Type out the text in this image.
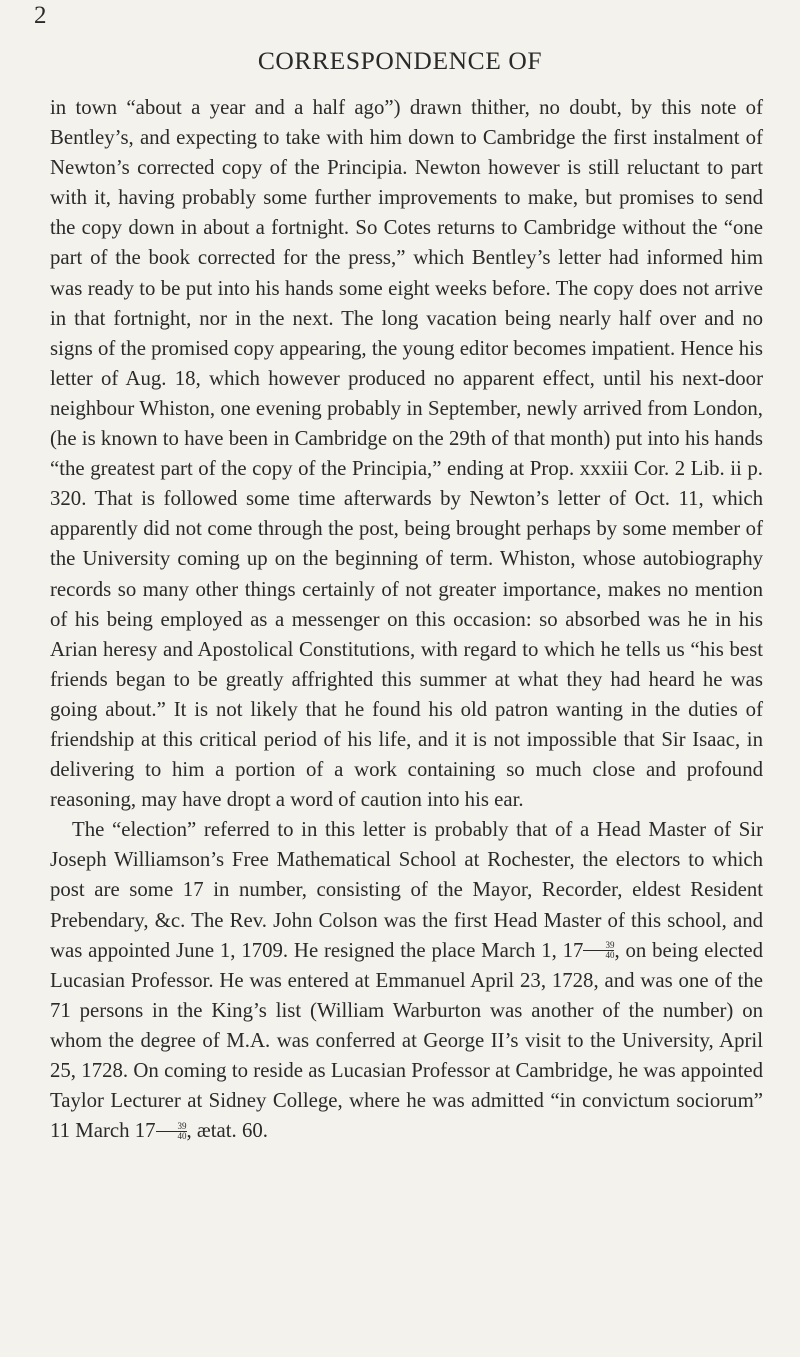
2
CORRESPONDENCE OF

in town “about a year and a half ago”) drawn thither, no doubt, by this note of Bentley’s, and expecting to take with him down to Cambridge the first instalment of Newton’s corrected copy of the Principia. Newton however is still reluctant to part with it, having probably some further improvements to make, but promises to send the copy down in about a fortnight. So Cotes returns to Cambridge without the “one part of the book corrected for the press,” which Bentley’s letter had informed him was ready to be put into his hands some eight weeks before. The copy does not arrive in that fortnight, nor in the next. The long vacation being nearly half over and no signs of the promised copy appearing, the young editor becomes impatient. Hence his letter of Aug. 18, which however produced no apparent effect, until his next-door neighbour Whiston, one evening probably in September, newly arrived from London, (he is known to have been in Cambridge on the 29th of that month) put into his hands “the greatest part of the copy of the Principia,” ending at Prop. xxxiii Cor. 2 Lib. ii p. 320. That is followed some time afterwards by Newton’s letter of Oct. 11, which apparently did not come through the post, being brought perhaps by some member of the University coming up on the beginning of term. Whiston, whose autobiography records so many other things certainly of not greater importance, makes no mention of his being employed as a messenger on this occasion: so absorbed was he in his Arian heresy and Apostolical Constitutions, with regard to which he tells us “his best friends began to be greatly affrighted this summer at what they had heard he was going about.” It is not likely that he found his old patron wanting in the duties of friendship at this critical period of his life, and it is not impossible that Sir Isaac, in delivering to him a portion of a work containing so much close and profound reasoning, may have dropt a word of caution into his ear.

The “election” referred to in this letter is probably that of a Head Master of Sir Joseph Williamson’s Free Mathematical School at Rochester, the electors to which post are some 17 in number, consisting of the Mayor, Recorder, eldest Resident Prebendary, &c. The Rev. John Colson was the first Head Master of this school, and was appointed June 1, 1709. He resigned the place March 1, $17 \frac{39}{40}$ , on being elected Lucasian Professor. He was entered at Emmanuel April 23, 1728, and was one of the 71 persons in the King’s list (William Warburton was another of the number) on whom the degree of M.A. was conferred at George II’s visit to the University, April 25, 1728. On coming to reside as Lucasian Professor at Cambridge, he was appointed Taylor Lecturer at Sidney College, where he was admitted “in convictum sociorum” 11 March $17 \frac{39}{40}$ , ætat. 60.
